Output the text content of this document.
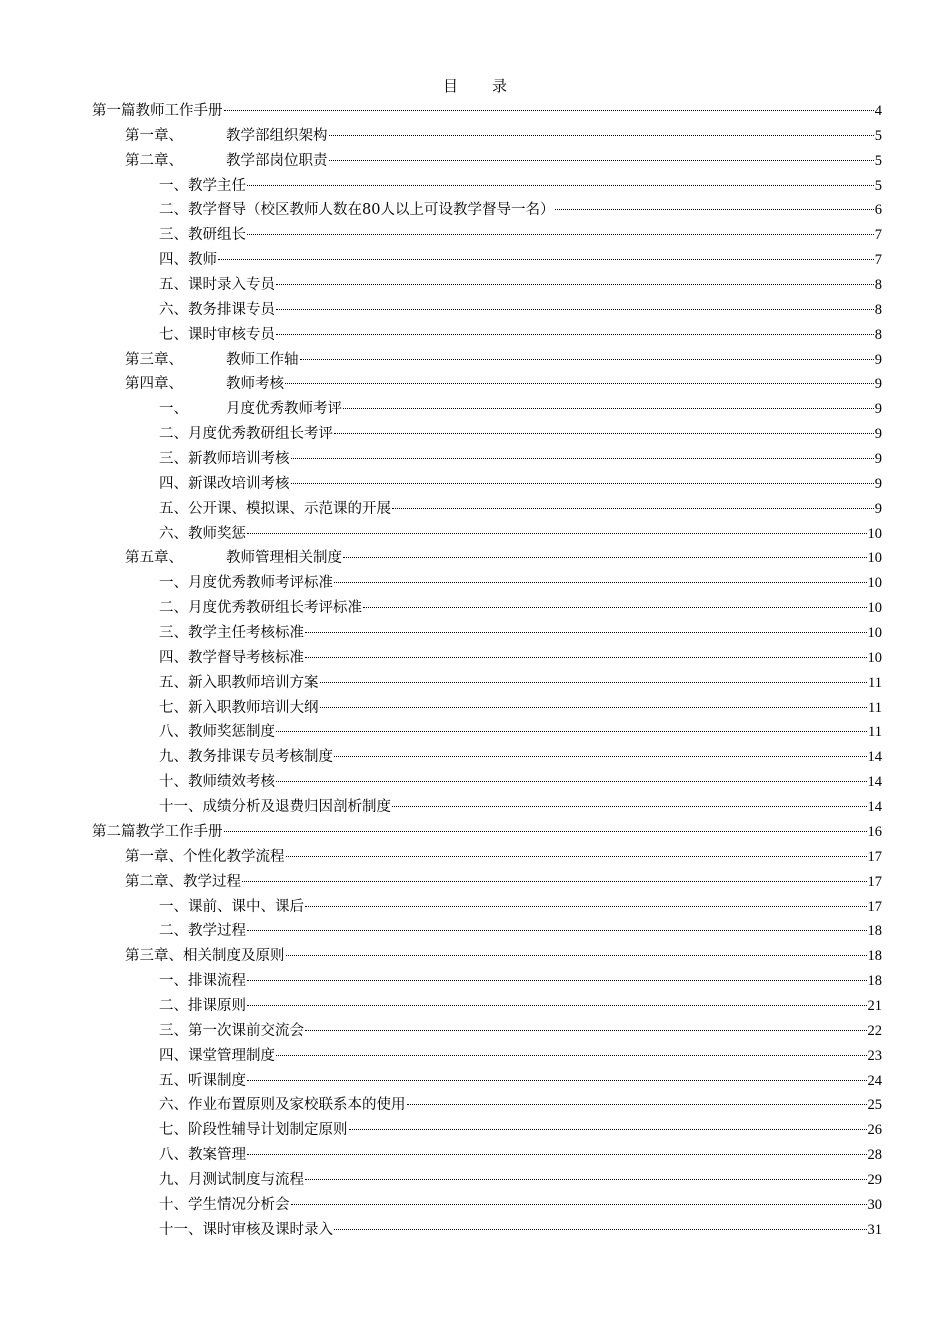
目 录
第一篇 教师工作手册	4
第一章、	教学部组织架构	5
第二章、	教学部岗位职责	5
一、 教学主任	5
二、 教学督导（校区教师人数在80人以上可设教学督导一名）	6
三、 教研组长	7
四、 教师	7
五、 课时录入专员	8
六、 教务排课专员	8
七、 课时审核专员	8
第三章、	教师工作轴	9
第四章、	教师考核	9
一、	月度优秀教师考评	9
二、 月度优秀教研组长考评	9
三、 新教师培训考核	9
四、 新课改培训考核	9
五、 公开课、模拟课、示范课的开展	9
六、 教师奖惩	10
第五章、	教师管理相关制度	10
一、 月度优秀教师考评标准	10
二、 月度优秀教研组长考评标准	10
三、 教学主任考核标准	10
四、 教学督导考核标准	10
五、 新入职教师培训方案	11
七、 新入职教师培训大纲	11
八、 教师奖惩制度	11
九、 教务排课专员考核制度	14
十、 教师绩效考核	14
十一、 成绩分析及退费归因剖析制度	14
第二篇 教学工作手册	16
第一章、 个性化教学流程	17
第二章、 教学过程	17
一、 课前、课中、课后	17
二、 教学过程	18
第三章、 相关制度及原则	18
一、 排课流程	18
二、 排课原则	21
三、 第一次课前交流会	22
四、 课堂管理制度	23
五、 听课制度	24
六、 作业布置原则及家校联系本的使用	25
七、 阶段性辅导计划制定原则	26
八、 教案管理	28
九、 月测试制度与流程	29
十、 学生情况分析会	30
十一、 课时审核及课时录入	31
